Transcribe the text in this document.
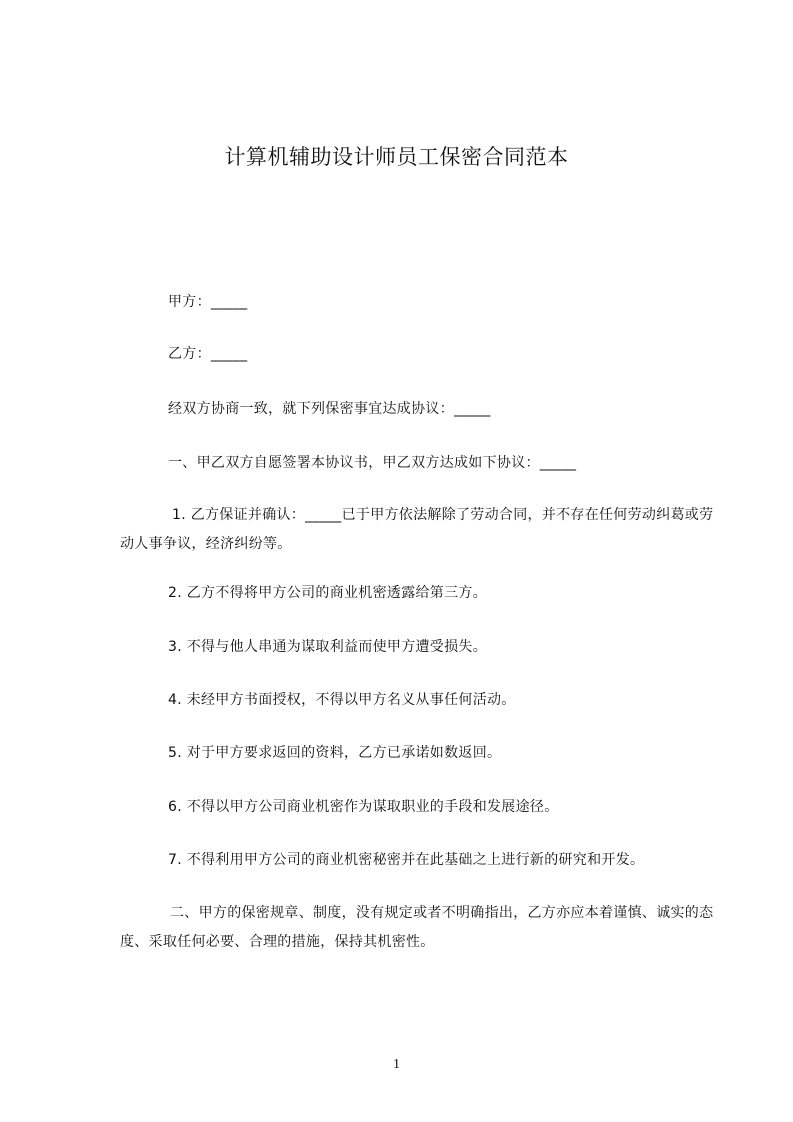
计算机辅助设计师员工保密合同范本
甲方：_____
乙方：_____
经双方协商一致，就下列保密事宜达成协议：_____
一、甲乙双方自愿签署本协议书，甲乙双方达成如下协议：_____
1. 乙方保证并确认：_____已于甲方依法解除了劳动合同，并不存在任何劳动纠葛或劳动人事争议，经济纠纷等。
2. 乙方不得将甲方公司的商业机密透露给第三方。
3. 不得与他人串通为谋取利益而使甲方遭受损失。
4. 未经甲方书面授权，不得以甲方名义从事任何活动。
5. 对于甲方要求返回的资料，乙方已承诺如数返回。
6. 不得以甲方公司商业机密作为谋取职业的手段和发展途径。
7. 不得利用甲方公司的商业机密秘密并在此基础之上进行新的研究和开发。
二、甲方的保密规章、制度，没有规定或者不明确指出，乙方亦应本着谨慎、诚实的态度、采取任何必要、合理的措施，保持其机密性。
1
